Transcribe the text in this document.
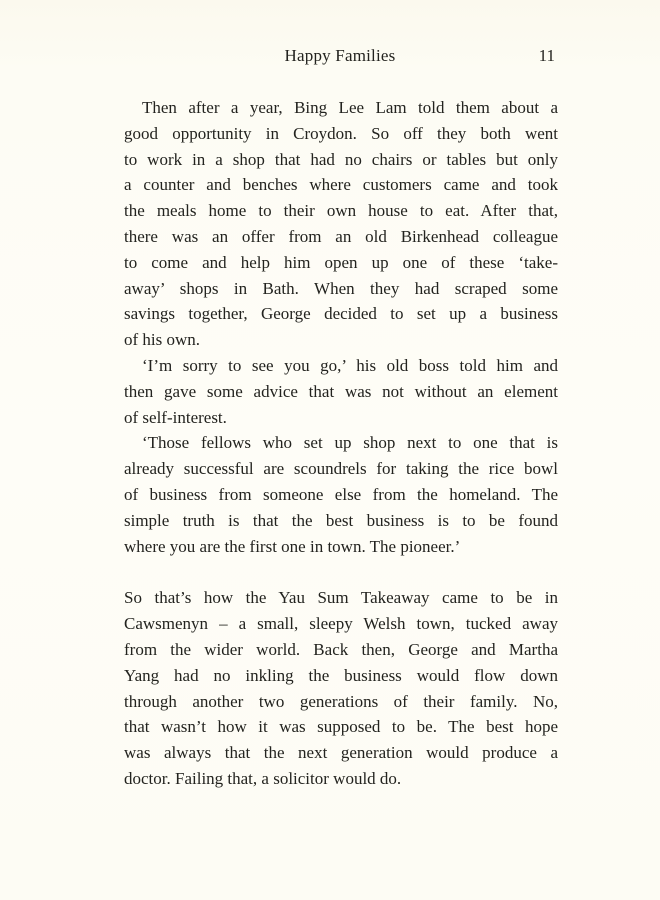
Happy Families	11
Then after a year, Bing Lee Lam told them about a
good opportunity in Croydon. So off they both went
to work in a shop that had no chairs or tables but only
a counter and benches where customers came and took
the meals home to their own house to eat. After that,
there was an offer from an old Birkenhead colleague
to come and help him open up one of these ‘take-
away’ shops in Bath. When they had scraped some
savings together, George decided to set up a business
of his own.
‘I’m sorry to see you go,’ his old boss told him and
then gave some advice that was not without an element
of self-interest.
‘Those fellows who set up shop next to one that is
already successful are scoundrels for taking the rice bowl
of business from someone else from the homeland. The
simple truth is that the best business is to be found
where you are the first one in town. The pioneer.’
So that’s how the Yau Sum Takeaway came to be in
Cawsmenyn – a small, sleepy Welsh town, tucked away
from the wider world. Back then, George and Martha
Yang had no inkling the business would flow down
through another two generations of their family. No,
that wasn’t how it was supposed to be. The best hope
was always that the next generation would produce a
doctor. Failing that, a solicitor would do.
